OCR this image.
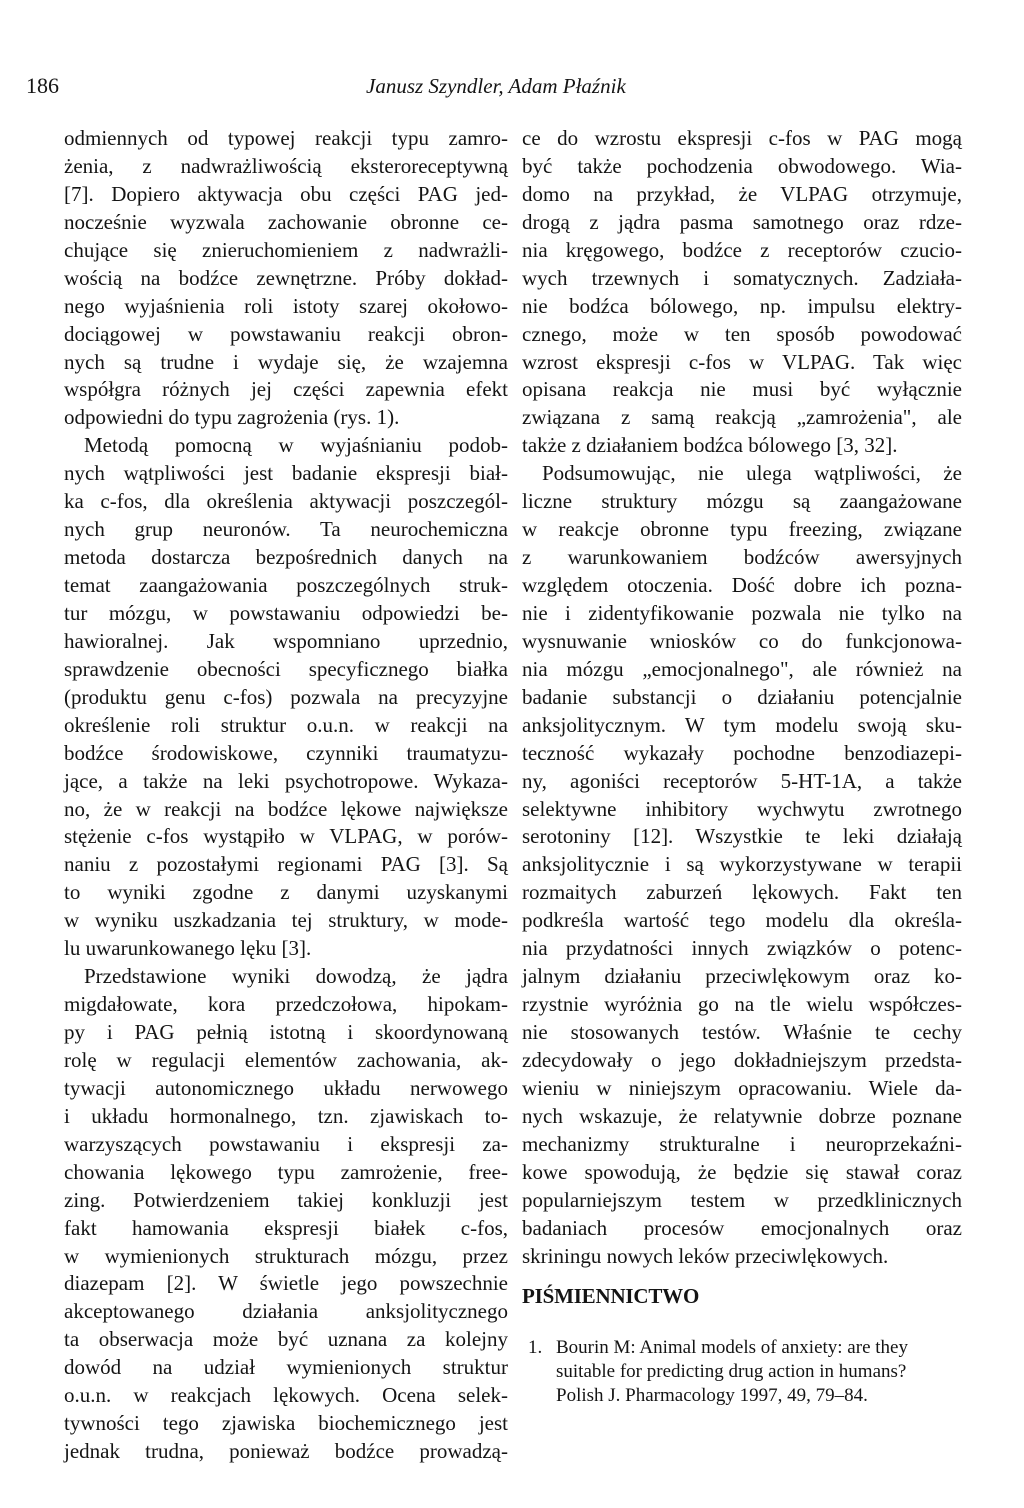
186	Janusz Szyndler, Adam Płaźnik
odmiennych od typowej reakcji typu zamro-
żenia, z nadwrażliwością eksteroreceptywną
[7]. Dopiero aktywacja obu części PAG jed-
nocześnie wyzwala zachowanie obronne ce-
chujące się znieruchomieniem z nadwrażli-
wością na bodźce zewnętrzne. Próby dokład-
nego wyjaśnienia roli istoty szarej okołowo-
dociągowej w powstawaniu reakcji obron-
nych są trudne i wydaje się, że wzajemna
współgra różnych jej części zapewnia efekt
odpowiedni do typu zagrożenia (rys. 1).
Metodą pomocną w wyjaśnianiu podob-
nych wątpliwości jest badanie ekspresji biał-
ka c-fos, dla określenia aktywacji poszczegól-
nych grup neuronów. Ta neurochemiczna
metoda dostarcza bezpośrednich danych na
temat zaangażowania poszczególnych struk-
tur mózgu, w powstawaniu odpowiedzi be-
hawioralnej. Jak wspomniano uprzednio,
sprawdzenie obecności specyficznego białka
(produktu genu c-fos) pozwala na precyzyjne
określenie roli struktur o.u.n. w reakcji na
bodźce środowiskowe, czynniki traumatyzu-
jące, a także na leki psychotropowe. Wykaza-
no, że w reakcji na bodźce lękowe największe
stężenie c-fos wystąpiło w VLPAG, w porów-
naniu z pozostałymi regionami PAG [3]. Są
to wyniki zgodne z danymi uzyskanymi
w wyniku uszkadzania tej struktury, w mode-
lu uwarunkowanego lęku [3].
Przedstawione wyniki dowodzą, że jądra
migdałowate, kora przedczołowa, hipokam-
py i PAG pełnią istotną i skoordynowaną
rolę w regulacji elementów zachowania, ak-
tywacji autonomicznego układu nerwowego
i układu hormonalnego, tzn. zjawiskach to-
warzyszących powstawaniu i ekspresji za-
chowania lękowego typu zamrożenie, free-
zing. Potwierdzeniem takiej konkluzji jest
fakt hamowania ekspresji białek c-fos,
w wymienionych strukturach mózgu, przez
diazepam [2]. W świetle jego powszechnie
akceptowanego działania anksjolitycznego
ta obserwacja może być uznana za kolejny
dowód na udział wymienionych struktur
o.u.n. w reakcjach lękowych. Ocena selek-
tywności tego zjawiska biochemicznego jest
jednak trudna, ponieważ bodźce prowadzą-
ce do wzrostu ekspresji c-fos w PAG mogą
być także pochodzenia obwodowego. Wia-
domo na przykład, że VLPAG otrzymuje,
drogą z jądra pasma samotnego oraz rdze-
nia kręgowego, bodźce z receptorów czucio-
wych trzewnych i somatycznych. Zadziała-
nie bodźca bólowego, np. impulsu elektry-
cznego, może w ten sposób powodować
wzrost ekspresji c-fos w VLPAG. Tak więc
opisana reakcja nie musi być wyłącznie
związana z samą reakcją „zamrożenia", ale
także z działaniem bodźca bólowego [3, 32].
Podsumowując, nie ulega wątpliwości, że
liczne struktury mózgu są zaangażowane
w reakcje obronne typu freezing, związane
z warunkowaniem bodźców awersyjnych
względem otoczenia. Dość dobre ich pozna-
nie i zidentyfikowanie pozwala nie tylko na
wysnuwanie wniosków co do funkcjonowa-
nia mózgu „emocjonalnego", ale również na
badanie substancji o działaniu potencjalnie
anksjolitycznym. W tym modelu swoją sku-
teczność wykazały pochodne benzodiazepi-
ny, agoniści receptorów 5-HT-1A, a także
selektywne inhibitory wychwytu zwrotnego
serotoniny [12]. Wszystkie te leki działają
anksjolitycznie i są wykorzystywane w terapii
rozmaitych zaburzeń lękowych. Fakt ten
podkreśla wartość tego modelu dla określa-
nia przydatności innych związków o potenc-
jalnym działaniu przeciwlękowym oraz ko-
rzystnie wyróżnia go na tle wielu współczes-
nie stosowanych testów. Właśnie te cechy
zdecydowały o jego dokładniejszym przedsta-
wieniu w niniejszym opracowaniu. Wiele da-
nych wskazuje, że relatywnie dobrze poznane
mechanizmy strukturalne i neuroprzekaźni-
kowe spowodują, że będzie się stawał coraz
popularniejszym testem w przedklinicznych
badaniach procesów emocjonalnych oraz
skriningu nowych leków przeciwlękowych.
PIŚMIENNICTWO
1. Bourin M: Animal models of anxiety: are they
suitable for predicting drug action in humans?
Polish J. Pharmacology 1997, 49, 79–84.
